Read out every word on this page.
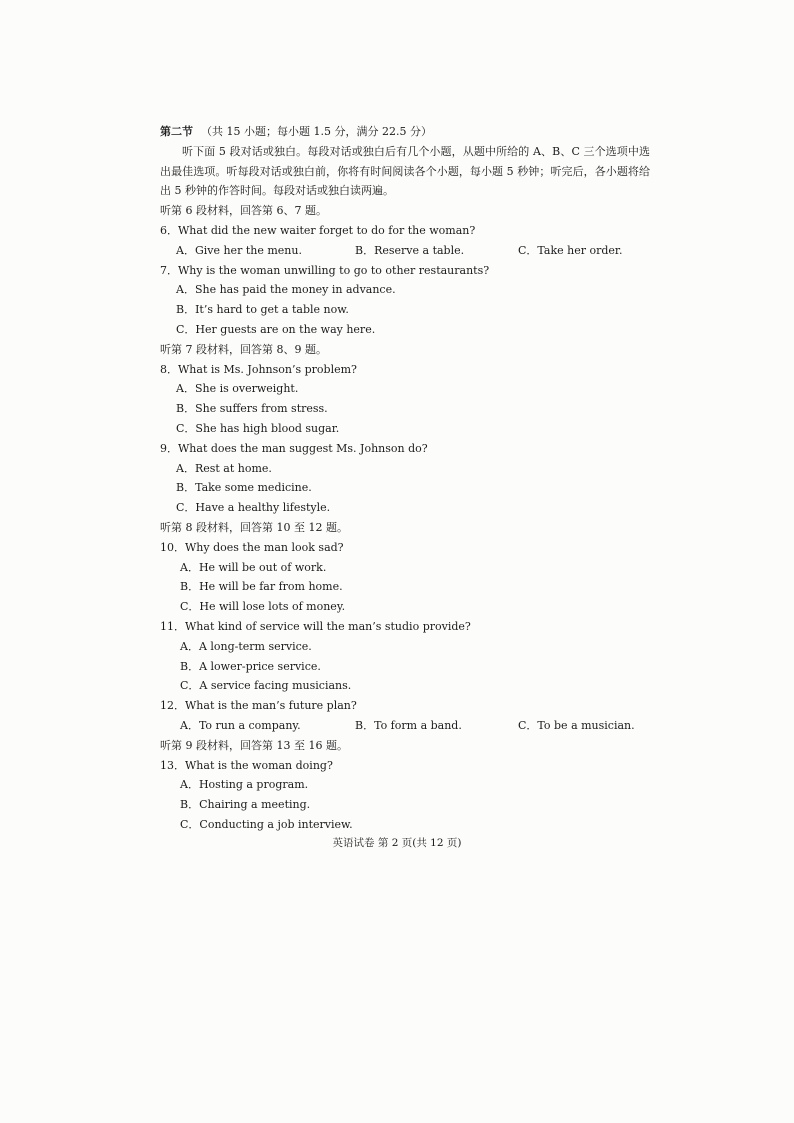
第二节 （共 15 小题；每小题 1.5 分，满分 22.5 分）
听下面 5 段对话或独白。每段对话或独白后有几个小题，从题中所给的 A、B、C 三个选项中选出最佳选项。听每段对话或独白前，你将有时间阅读各个小题，每小题 5 秒钟；听完后，各小题将给出 5 秒钟的作答时间。每段对话或独白读两遍。
听第 6 段材料，回答第 6、7 题。
6．What did the new waiter forget to do for the woman?
A．Give her the menu.	B．Reserve a table.	C．Take her order.
7．Why is the woman unwilling to go to other restaurants?
A．She has paid the money in advance.
B．It’s hard to get a table now.
C．Her guests are on the way here.
听第 7 段材料，回答第 8、9 题。
8．What is Ms. Johnson’s problem?
A．She is overweight.
B．She suffers from stress.
C．She has high blood sugar.
9．What does the man suggest Ms. Johnson do?
A．Rest at home.
B．Take some medicine.
C．Have a healthy lifestyle.
听第 8 段材料，回答第 10 至 12 题。
10．Why does the man look sad?
A．He will be out of work.
B．He will be far from home.
C．He will lose lots of money.
11．What kind of service will the man’s studio provide?
A．A long-term service.
B．A lower-price service.
C．A service facing musicians.
12．What is the man’s future plan?
A．To run a company.	B．To form a band.	C．To be a musician.
听第 9 段材料，回答第 13 至 16 题。
13．What is the woman doing?
A．Hosting a program.
B．Chairing a meeting.
C．Conducting a job interview.
英语试卷 第 2 页(共 12 页)
